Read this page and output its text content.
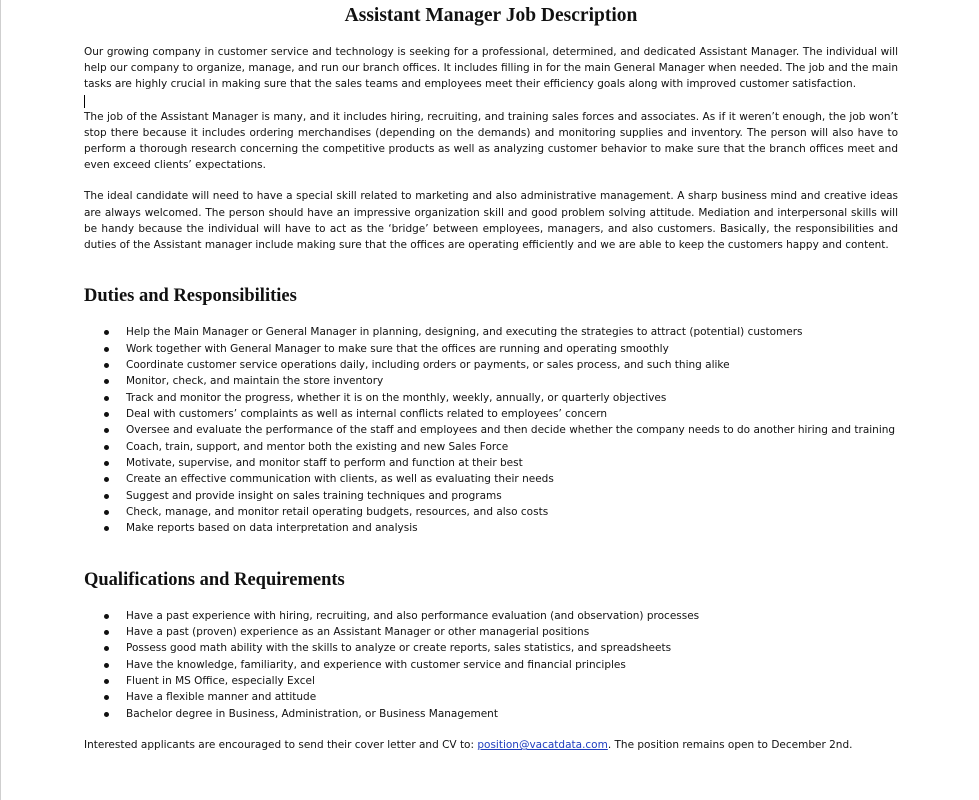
Assistant Manager Job Description

Our growing company in customer service and technology is seeking for a professional, determined, and dedicated Assistant Manager. The individual will help our company to organize, manage, and run our branch offices. It includes filling in for the main General Manager when needed. The job and the main tasks are highly crucial in making sure that the sales teams and employees meet their efficiency goals along with improved customer satisfaction.

The job of the Assistant Manager is many, and it includes hiring, recruiting, and training sales forces and associates. As if it weren’t enough, the job won’t stop there because it includes ordering merchandises (depending on the demands) and monitoring supplies and inventory. The person will also have to perform a thorough research concerning the competitive products as well as analyzing customer behavior to make sure that the branch offices meet and even exceed clients’ expectations.

The ideal candidate will need to have a special skill related to marketing and also administrative management. A sharp business mind and creative ideas are always welcomed. The person should have an impressive organization skill and good problem solving attitude. Mediation and interpersonal skills will be handy because the individual will have to act as the ‘bridge’ between employees, managers, and also customers. Basically, the responsibilities and duties of the Assistant manager include making sure that the offices are operating efficiently and we are able to keep the customers happy and content.

Duties and Responsibilities
Help the Main Manager or General Manager in planning, designing, and executing the strategies to attract (potential) customers
Work together with General Manager to make sure that the offices are running and operating smoothly
Coordinate customer service operations daily, including orders or payments, or sales process, and such thing alike
Monitor, check, and maintain the store inventory
Track and monitor the progress, whether it is on the monthly, weekly, annually, or quarterly objectives
Deal with customers’ complaints as well as internal conflicts related to employees’ concern
Oversee and evaluate the performance of the staff and employees and then decide whether the company needs to do another hiring and training
Coach, train, support, and mentor both the existing and new Sales Force
Motivate, supervise, and monitor staff to perform and function at their best
Create an effective communication with clients, as well as evaluating their needs
Suggest and provide insight on sales training techniques and programs
Check, manage, and monitor retail operating budgets, resources, and also costs
Make reports based on data interpretation and analysis
Qualifications and Requirements
Have a past experience with hiring, recruiting, and also performance evaluation (and observation) processes
Have a past (proven) experience as an Assistant Manager or other managerial positions
Possess good math ability with the skills to analyze or create reports, sales statistics, and spreadsheets
Have the knowledge, familiarity, and experience with customer service and financial principles
Fluent in MS Office, especially Excel
Have a flexible manner and attitude
Bachelor degree in Business, Administration, or Business Management

Interested applicants are encouraged to send their cover letter and CV to: position@vacatdata.com. The position remains open to December 2nd.
